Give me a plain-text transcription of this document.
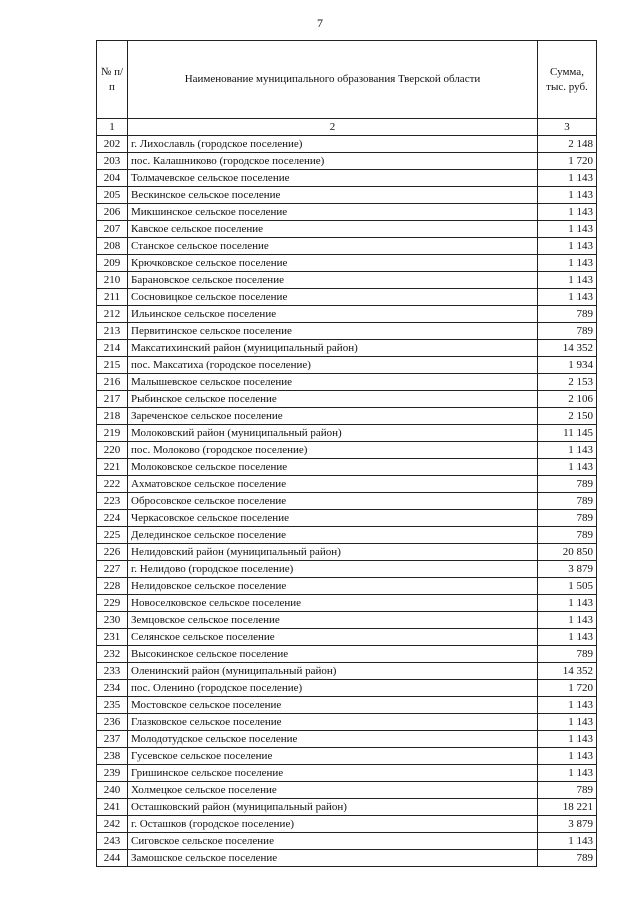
7
№ п/п	Наименование муниципального образования Тверской области	Сумма, тыс. руб.
1	2	3
202	г. Лихославль (городское поселение)	2 148
203	пос. Калашниково (городское поселение)	1 720
204	Толмачевское сельское поселение	1 143
205	Вескинское сельское поселение	1 143
206	Микшинское сельское поселение	1 143
207	Кавское сельское поселение	1 143
208	Станское сельское поселение	1 143
209	Крючковское сельское поселение	1 143
210	Барановское сельское поселение	1 143
211	Сосновицкое сельское поселение	1 143
212	Ильинское сельское поселение	789
213	Первитинское сельское поселение	789
214	Максатихинский район (муниципальный район)	14 352
215	пос. Максатиха (городское поселение)	1 934
216	Малышевское сельское поселение	2 153
217	Рыбинское сельское поселение	2 106
218	Зареченское сельское поселение	2 150
219	Молоковский район (муниципальный район)	11 145
220	пос. Молоково (городское поселение)	1 143
221	Молоковское сельское поселение	1 143
222	Ахматовское сельское поселение	789
223	Обросовское сельское поселение	789
224	Черкасовское сельское поселение	789
225	Делединское сельское поселение	789
226	Нелидовский район (муниципальный район)	20 850
227	г. Нелидово (городское поселение)	3 879
228	Нелидовское сельское поселение	1 505
229	Новоселковское сельское поселение	1 143
230	Земцовское сельское поселение	1 143
231	Селянское сельское поселение	1 143
232	Высокинское сельское поселение	789
233	Оленинский район (муниципальный район)	14 352
234	пос. Оленино (городское поселение)	1 720
235	Мостовское сельское поселение	1 143
236	Глазковское сельское поселение	1 143
237	Молодотудское сельское поселение	1 143
238	Гусевское сельское поселение	1 143
239	Гришинское сельское поселение	1 143
240	Холмецкое сельское поселение	789
241	Осташковский район (муниципальный район)	18 221
242	г. Осташков (городское поселение)	3 879
243	Сиговское сельское поселение	1 143
244	Замошское сельское поселение	789
